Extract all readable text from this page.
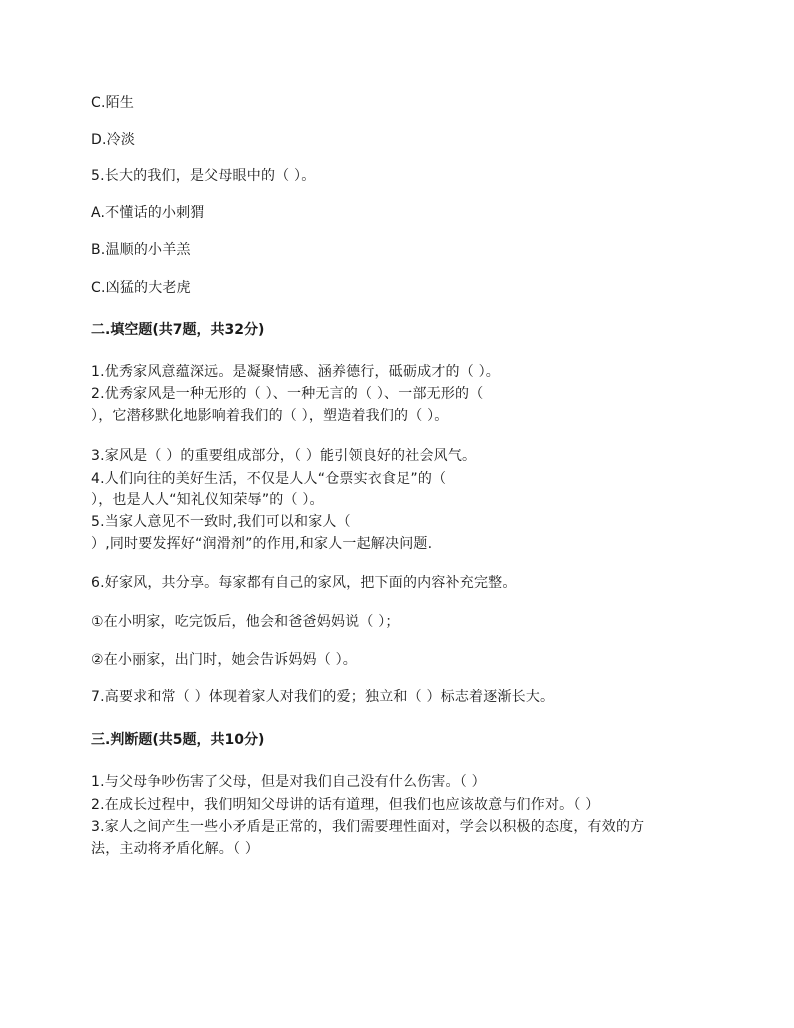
C.陌生
D.冷淡
5.长大的我们，是父母眼中的（ ）。
A.不懂话的小刺猬
B.温顺的小羊羔
C.凶猛的大老虎
二.填空题(共7题，共32分)
1.优秀家风意蕴深远。是凝聚情感、涵养德行，砥砺成才的（ ）。
2.优秀家风是一种无形的（ ）、一种无言的（ ）、一部无形的（
），它潜移默化地影响着我们的（ ），塑造着我们的（ ）。
3.家风是（ ）的重要组成部分，（ ）能引领良好的社会风气。
4.人们向往的美好生活，不仅是人人“仓票实衣食足”的（
），也是人人“知礼仪知荣辱”的（ ）。
5.当家人意见不一致时,我们可以和家人（
）,同时要发挥好“润滑剂”的作用,和家人一起解决问题.
6.好家风，共分享。每家都有自己的家风，把下面的内容补充完整。
①在小明家，吃完饭后，他会和爸爸妈妈说（ ）；
②在小丽家，出门时，她会告诉妈妈（ ）。
7.高要求和常（ ）体现着家人对我们的爱；独立和（ ）标志着逐渐长大。
三.判断题(共5题，共10分)
1.与父母争吵伤害了父母，但是对我们自己没有什么伤害。（ ）
2.在成长过程中，我们明知父母讲的话有道理，但我们也应该故意与们作对。（ ）
3.家人之间产生一些小矛盾是正常的，我们需要理性面对，学会以积极的态度，有效的方
法，主动将矛盾化解。（ ）
